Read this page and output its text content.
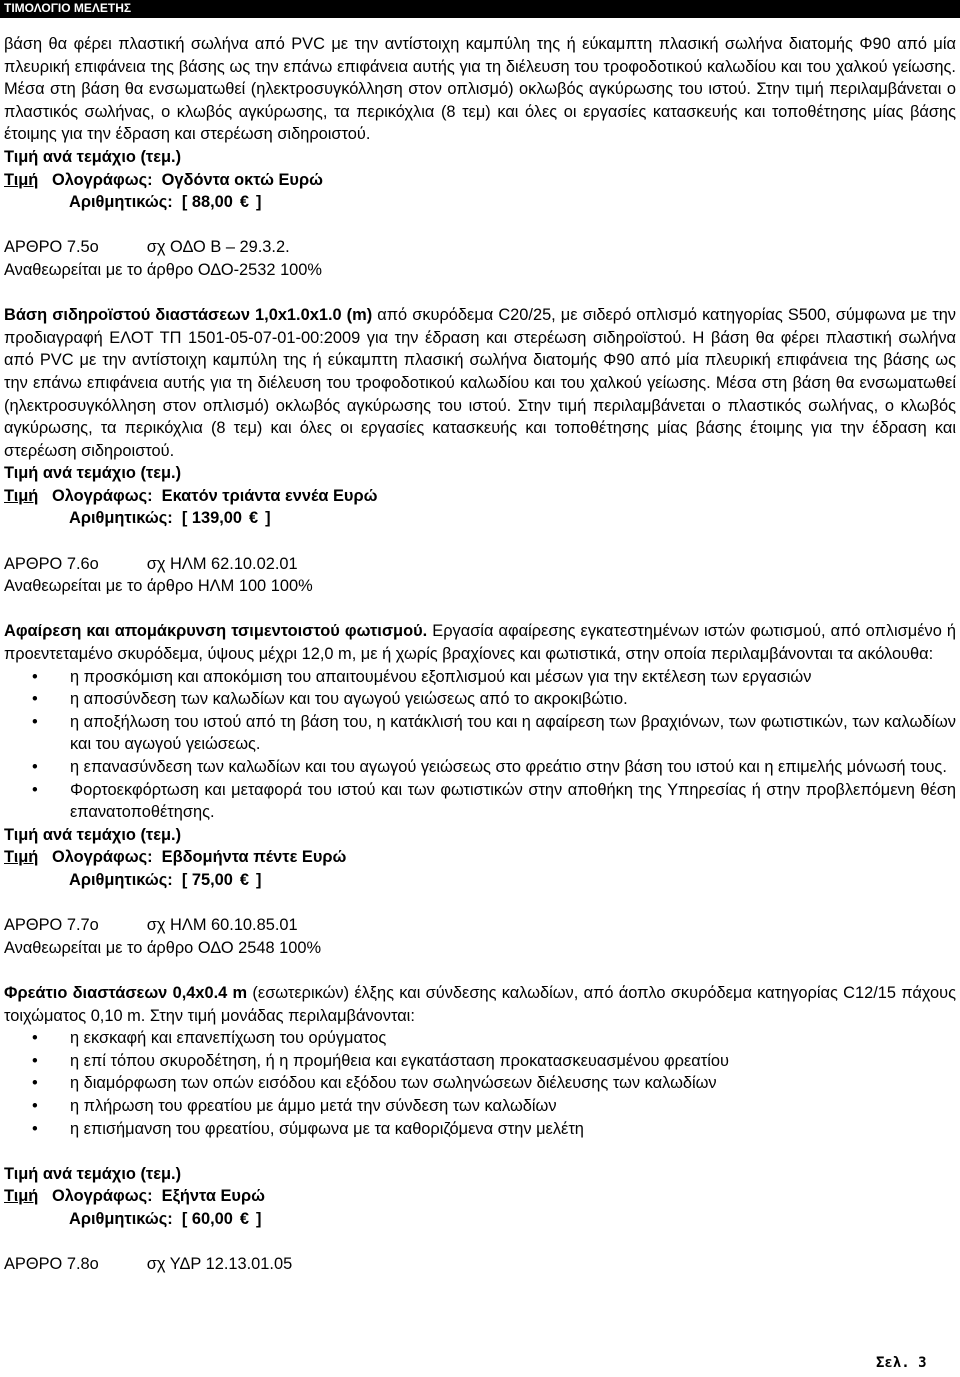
ΤΙΜΟΛΟΓΙΟ ΜΕΛΕΤΗΣ

βάση θα φέρει πλαστική σωλήνα από PVC με την αντίστοιχη καμπύλη της ή εύκαμπτη πλασική σωλήνα διατομής Φ90 από μία πλευρική επιφάνεια της βάσης ως την επάνω επιφάνεια αυτής για τη διέλευση του τροφοδοτικού καλωδίου και του χαλκού γείωσης. Μέσα στη βάση θα ενσωματωθεί (ηλεκτροσυγκόλληση στον οπλισμό) οκλωβός αγκύρωσης του ιστού. Στην τιμή περιλαμβάνεται ο πλαστικός σωλήνας, ο κλωβός αγκύρωσης, τα περικόχλια (8 τεμ) και όλες οι εργασίες κατασκευής και τοποθέτησης μίας βάσης έτοιμης για την έδραση και στερέωση σιδηροιστού.

Τιμή ανά τεμάχιο (τεμ.)

Τιμή Ολογράφως: Ογδόντα οκτώ Ευρώ

Αριθμητικώς: [ 88,00 € ]

ΑΡΘΡΟ 7.5ο	σχ ΟΔΟ Β – 29.3.2.

Αναθεωρείται με το άρθρο ΟΔΟ-2532 100%

Βάση σιδηροϊστού διαστάσεων 1,0x1.0x1.0 (m) από σκυρόδεμα C20/25, με σιδερό οπλισμό κατηγορίας S500, σύμφωνα με την προδιαγραφή ΕΛΟΤ ΤΠ 1501-05-07-01-00:2009 για την έδραση και στερέωση σιδηροϊστού. Η βάση θα φέρει πλαστική σωλήνα από PVC με την αντίστοιχη καμπύλη της ή εύκαμπτη πλασική σωλήνα διατομής Φ90 από μία πλευρική επιφάνεια της βάσης ως την επάνω επιφάνεια αυτής για τη διέλευση του τροφοδοτικού καλωδίου και του χαλκού γείωσης. Μέσα στη βάση θα ενσωματωθεί (ηλεκτροσυγκόλληση στον οπλισμό) οκλωβός αγκύρωσης του ιστού. Στην τιμή περιλαμβάνεται ο πλαστικός σωλήνας, ο κλωβός αγκύρωσης, τα περικόχλια (8 τεμ) και όλες οι εργασίες κατασκευής και τοποθέτησης μίας βάσης έτοιμης για την έδραση και στερέωση σιδηροιστού.

Τιμή ανά τεμάχιο (τεμ.)

Τιμή Ολογράφως: Εκατόν τριάντα εννέα Ευρώ

Αριθμητικώς: [ 139,00 € ]

ΑΡΘΡΟ 7.6ο	σχ ΗΛΜ 62.10.02.01

Αναθεωρείται με το άρθρο ΗΛΜ 100 100%

Αφαίρεση και απομάκρυνση τσιμεντοιστού φωτισμού. Εργασία αφαίρεσης εγκατεστημένων ιστών φωτισμού, από οπλισμένο ή προεντεταμένο σκυρόδεμα, ύψους μέχρι 12,0 m, με ή χωρίς βραχίονες και φωτιστικά, στην οποία περιλαμβάνονται τα ακόλουθα:

• η προσκόμιση και αποκόμιση του απαιτουμένου εξοπλισμού και μέσων για την εκτέλεση των εργασιών
• η αποσύνδεση των καλωδίων και του αγωγού γειώσεως από το ακροκιβώτιο.
• η αποξήλωση του ιστού από τη βάση του, η κατάκλισή του και η αφαίρεση των βραχιόνων, των φωτιστικών, των καλωδίων και του αγωγού γειώσεως.
• η επανασύνδεση των καλωδίων και του αγωγού γειώσεως στο φρεάτιο στην βάση του ιστού και η επιμελής μόνωσή τους.
• Φορτοεκφόρτωση και μεταφορά του ιστού και των φωτιστικών στην αποθήκη της Υπηρεσίας ή στην προβλεπόμενη θέση επανατοποθέτησης.

Τιμή ανά τεμάχιο (τεμ.)

Τιμή Ολογράφως: Εβδομήντα πέντε Ευρώ

Αριθμητικώς: [ 75,00 € ]

ΑΡΘΡΟ 7.7ο	σχ ΗΛΜ 60.10.85.01

Αναθεωρείται με το άρθρο ΟΔΟ 2548 100%

Φρεάτιο διαστάσεων 0,4x0.4 m (εσωτερικών) έλξης και σύνδεσης καλωδίων, από άοπλο σκυρόδεμα κατηγορίας C12/15 πάχους τοιχώματος 0,10 m. Στην τιμή μονάδας περιλαμβάνονται:

• η εκσκαφή και επανεπίχωση του ορύγματος
• η επί τόπου σκυροδέτηση, ή η προμήθεια και εγκατάσταση προκατασκευασμένου φρεατίου
• η διαμόρφωση των οπών εισόδου και εξόδου των σωληνώσεων διέλευσης των καλωδίων
• η πλήρωση του φρεατίου με άμμο μετά την σύνδεση των καλωδίων
• η επισήμανση του φρεατίου, σύμφωνα με τα καθοριζόμενα στην μελέτη

Τιμή ανά τεμάχιο (τεμ.)

Τιμή Ολογράφως: Εξήντα Ευρώ

Αριθμητικώς: [ 60,00 € ]

ΑΡΘΡΟ 7.8ο	σχ ΥΔΡ 12.13.01.05

Σελ. 3
